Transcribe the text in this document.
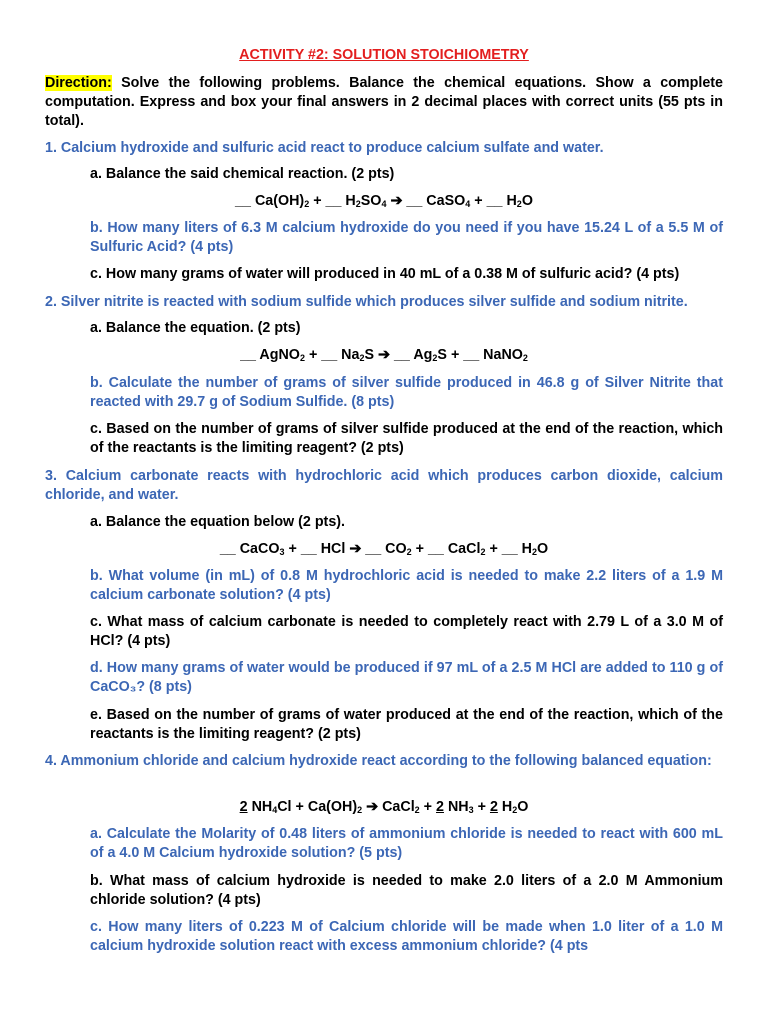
ACTIVITY #2: SOLUTION STOICHIOMETRY
Direction: Solve the following problems. Balance the chemical equations. Show a complete computation. Express and box your final answers in 2 decimal places with correct units (55 pts in total).
1. Calcium hydroxide and sulfuric acid react to produce calcium sulfate and water.
a. Balance the said chemical reaction. (2 pts)
__ $Ca(OH)_2$ + __ $H_2SO_4$ ➔ __ CaSO$_4$ + __ $H_2O$
b. How many liters of 6.3 M calcium hydroxide do you need if you have 15.24 L of a 5.5 M of Sulfuric Acid? (4 pts)
c. How many grams of water will produced in 40 mL of a 0.38 M of sulfuric acid? (4 pts)
2. Silver nitrite is reacted with sodium sulfide which produces silver sulfide and sodium nitrite.
a. Balance the equation. (2 pts)
__ AgNO$_2$ + __ $Na_2S$ ➔ __ $Ag_2S$ + __ NaNO$_2$
b. Calculate the number of grams of silver sulfide produced in 46.8 g of Silver Nitrite that reacted with 29.7 g of Sodium Sulfide. (8 pts)
c. Based on the number of grams of silver sulfide produced at the end of the reaction, which of the reactants is the limiting reagent? (2 pts)
3. Calcium carbonate reacts with hydrochloric acid which produces carbon dioxide, calcium chloride, and water.
a. Balance the equation below (2 pts).
__ CaCO$_3$ + __ HCl ➔ __ $CO_2$ + __ CaCl$_2$ + __ $H_2O$
b. What volume (in mL) of 0.8 M hydrochloric acid is needed to make 2.2 liters of a 1.9 M calcium carbonate solution? (4 pts)
c. What mass of calcium carbonate is needed to completely react with 2.79 L of a 3.0 M of HCl? (4 pts)
d. How many grams of water would be produced if 97 mL of a 2.5 M HCl are added to 110 g of CaCO₃? (8 pts)
e. Based on the number of grams of water produced at the end of the reaction, which of the reactants is the limiting reagent? (2 pts)
4. Ammonium chloride and calcium hydroxide react according to the following balanced equation:
2 $NH_4Cl + Ca(OH)_2$ ➔ CaCl$_2$ + 2 $NH_3 + 2$ $H_2O$
a. Calculate the Molarity of 0.48 liters of ammonium chloride is needed to react with 600 mL of a 4.0 M Calcium hydroxide solution? (5 pts)
b. What mass of calcium hydroxide is needed to make 2.0 liters of a 2.0 M Ammonium chloride solution? (4 pts)
c. How many liters of 0.223 M of Calcium chloride will be made when 1.0 liter of a 1.0 M calcium hydroxide solution react with excess ammonium chloride? (4 pts
